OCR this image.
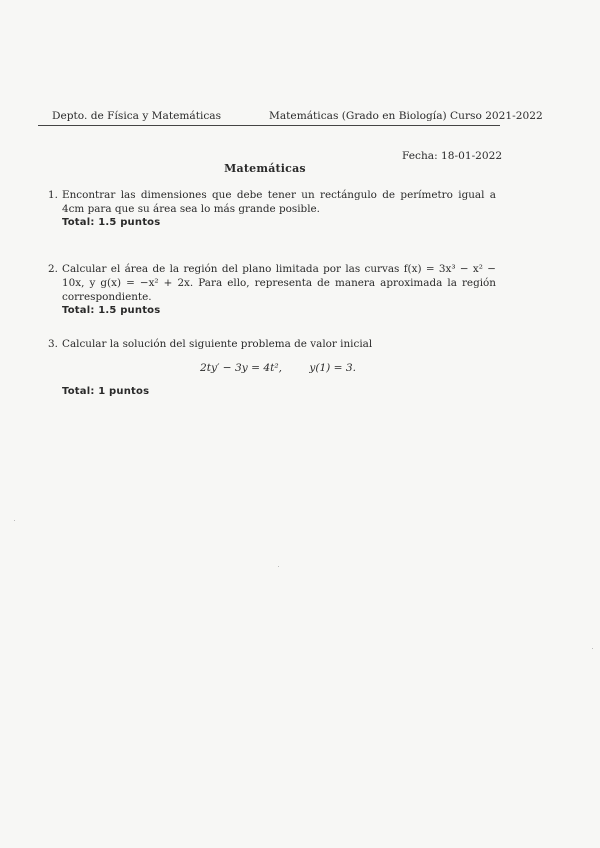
Depto. de Física y Matemáticas	Matemáticas (Grado en Biología) Curso 2021-2022
Fecha: 18-01-2022
Matemáticas
1. Encontrar las dimensiones que debe tener un rectángulo de perímetro igual a 4cm para que su área sea lo más grande posible.
Total: 1.5 puntos
2. Calcular el área de la región del plano limitada por las curvas f(x) = 3x³ − x² − 10x, y g(x) = −x² + 2x. Para ello, representa de manera aproximada la región correspondiente.
Total: 1.5 puntos
3. Calcular la solución del siguiente problema de valor inicial
2ty′ − 3y = 4t²,	y(1) = 3.
Total: 1 puntos
